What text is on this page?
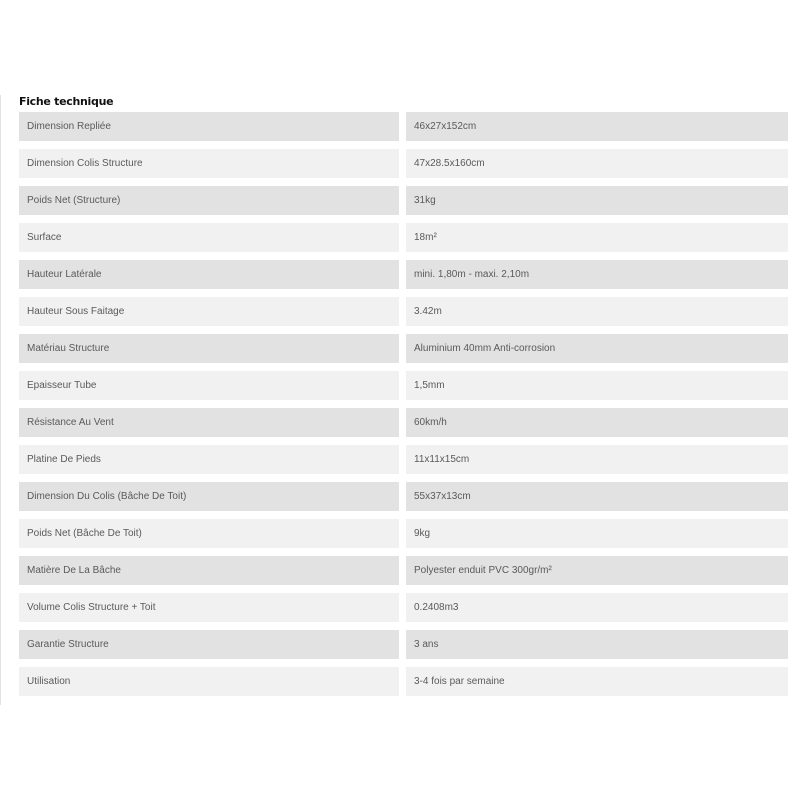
Fiche technique
Dimension Repliée		46x27x152cm
Dimension Colis Structure		47x28.5x160cm
Poids Net (Structure)		31kg
Surface		18m²
Hauteur Latérale		mini. 1,80m - maxi. 2,10m
Hauteur Sous Faitage		3.42m
Matériau Structure		Aluminium 40mm Anti-corrosion
Epaisseur Tube		1,5mm
Résistance Au Vent		60km/h
Platine De Pieds		11x11x15cm
Dimension Du Colis (Bâche De Toit)		55x37x13cm
Poids Net (Bâche De Toit)		9kg
Matière De La Bâche		Polyester enduit PVC 300gr/m²
Volume Colis Structure + Toit		0.2408m3
Garantie Structure		3 ans
Utilisation		3-4 fois par semaine
